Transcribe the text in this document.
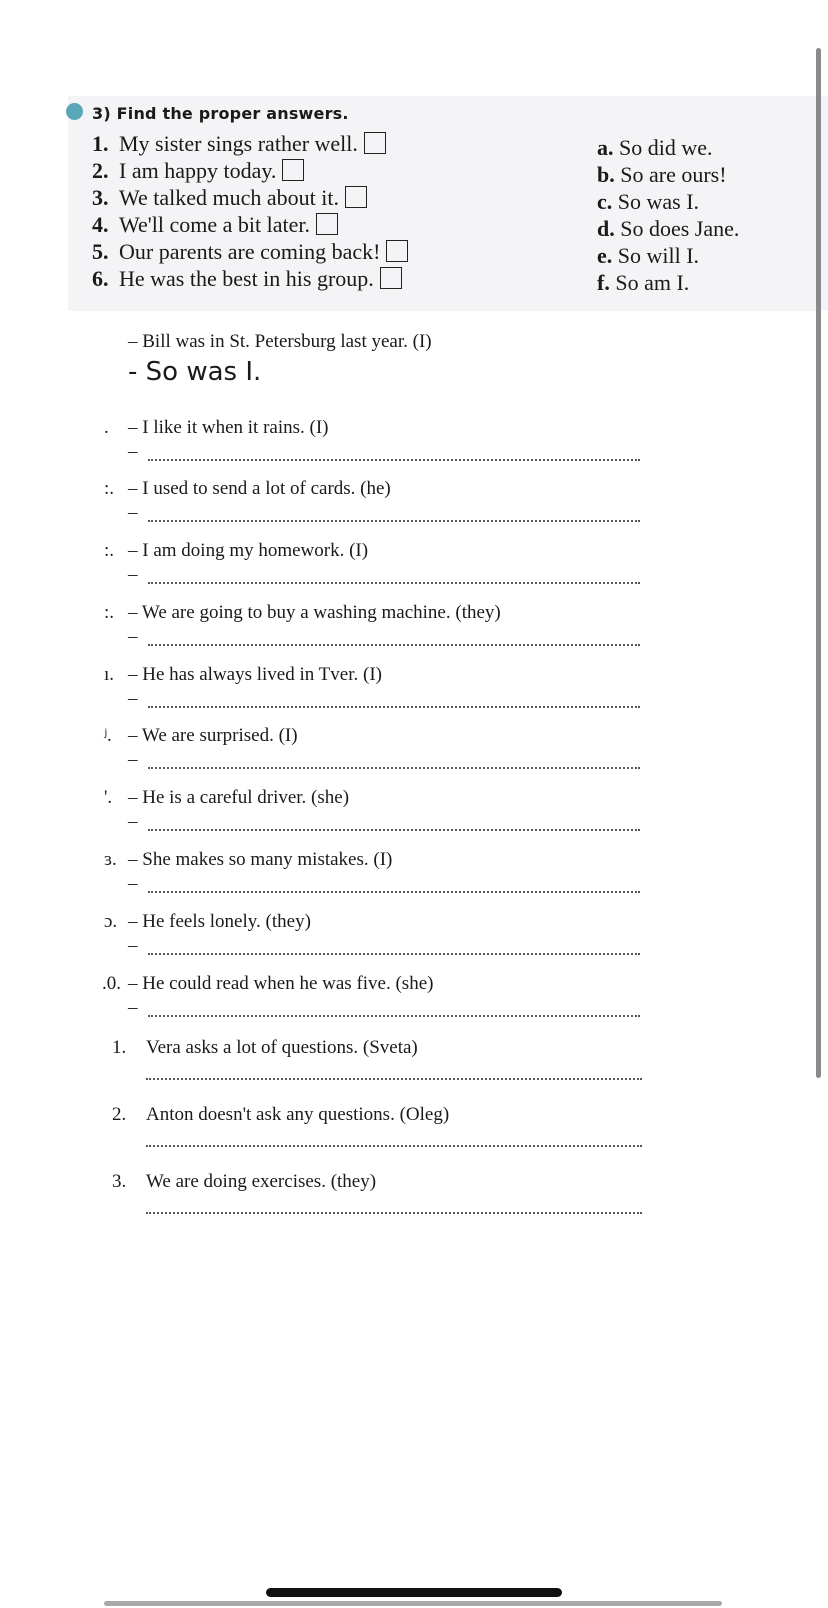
3) Find the proper answers.
1. My sister sings rather well.
2. I am happy today.
3. We talked much about it.
4. We'll come a bit later.
5. Our parents are coming back!
6. He was the best in his group.
a. So did we.
b. So are ours!
c. So was I.
d. So does Jane.
e. So will I.
f. So am I.
– Bill was in St. Petersburg last year. (I)
- So was I.
. – I like it when it rains. (I)
–
:. – I used to send a lot of cards. (he)
–
:. – I am doing my homework. (I)
–
:. – We are going to buy a washing machine. (they)
–
ı. – He has always lived in Tver. (I)
–
ʲ. – We are surprised. (I)
–
'. – He is a careful driver. (she)
–
ɜ. – She makes so many mistakes. (I)
–
ɔ. – He feels lonely. (they)
–
.0. – He could read when he was five. (she)
–
1. Vera asks a lot of questions. (Sveta)
2. Anton doesn't ask any questions. (Oleg)
3. We are doing exercises. (they)
